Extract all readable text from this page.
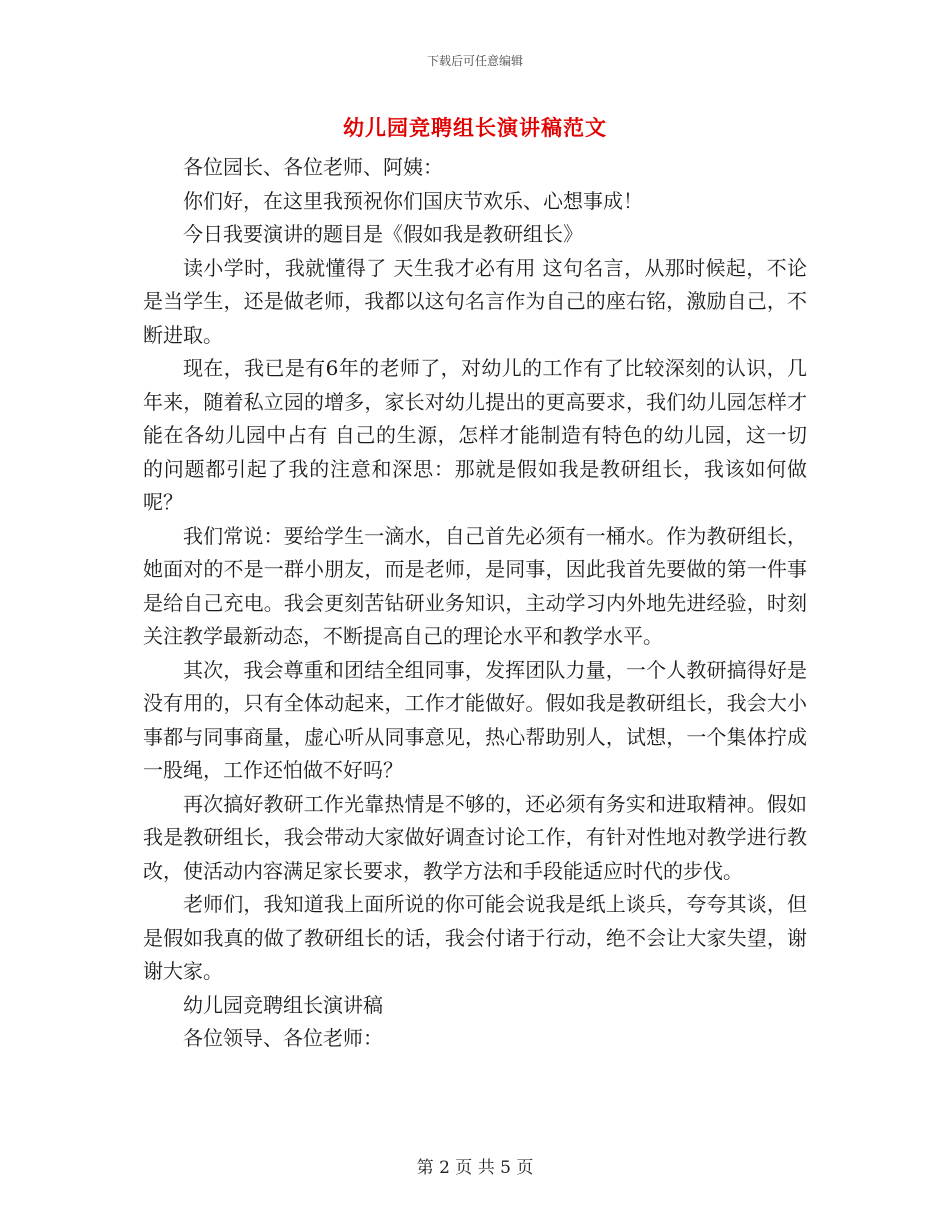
下载后可任意编辑
幼儿园竞聘组长演讲稿范文

各位园长、各位老师、阿姨：

你们好，在这里我预祝你们国庆节欢乐、心想事成！

今日我要演讲的题目是《假如我是教研组长》

读小学时，我就懂得了 天生我才必有用 这句名言，从那时候起，不论是当学生，还是做老师，我都以这句名言作为自己的座右铭，激励自己，不断进取。

现在，我已是有6年的老师了，对幼儿的工作有了比较深刻的认识，几年来，随着私立园的增多，家长对幼儿提出的更高要求，我们幼儿园怎样才能在各幼儿园中占有 自己的生源，怎样才能制造有特色的幼儿园，这一切的问题都引起了我的注意和深思：那就是假如我是教研组长，我该如何做呢？

我们常说：要给学生一滴水，自己首先必须有一桶水。作为教研组长，她面对的不是一群小朋友，而是老师，是同事，因此我首先要做的第一件事是给自己充电。我会更刻苦钻研业务知识，主动学习内外地先进经验，时刻关注教学最新动态，不断提高自己的理论水平和教学水平。

其次，我会尊重和团结全组同事，发挥团队力量，一个人教研搞得好是没有用的，只有全体动起来，工作才能做好。假如我是教研组长，我会大小事都与同事商量，虚心听从同事意见，热心帮助别人，试想，一个集体拧成一股绳，工作还怕做不好吗？

再次搞好教研工作光靠热情是不够的，还必须有务实和进取精神。假如我是教研组长，我会带动大家做好调查讨论工作，有针对性地对教学进行教改，使活动内容满足家长要求，教学方法和手段能适应时代的步伐。

老师们，我知道我上面所说的你可能会说我是纸上谈兵，夸夸其谈，但是假如我真的做了教研组长的话，我会付诸于行动，绝不会让大家失望，谢谢大家。

幼儿园竞聘组长演讲稿

各位领导、各位老师：

第 2 页 共 5 页
